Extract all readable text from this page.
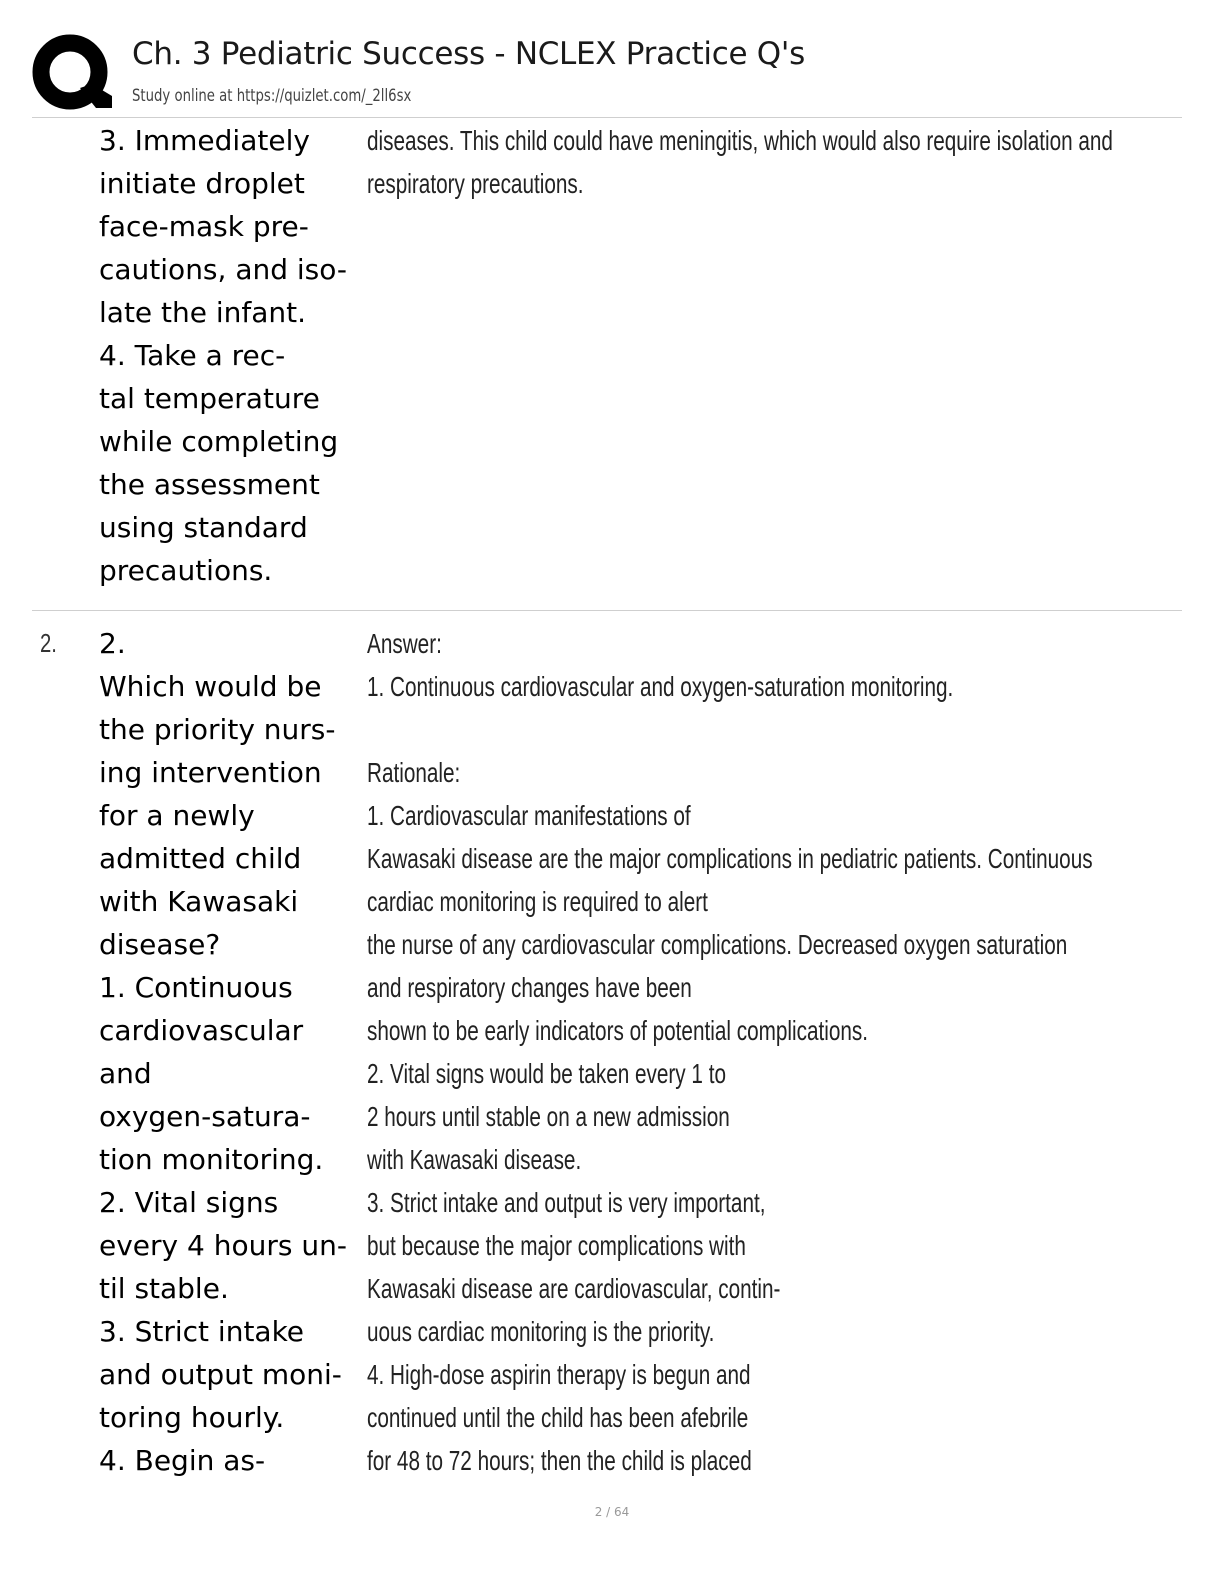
Ch. 3 Pediatric Success - NCLEX Practice Q's
Study online at https://quizlet.com/_2ll6sx
3. Immediately
initiate droplet
face-mask pre-
cautions, and iso-
late the infant.
4. Take a rec-
tal temperature
while completing
the assessment
using standard
precautions.
diseases. This child could have meningitis, which would also require isolation and
respiratory precautions.
2. 2.
Which would be
the priority nurs-
ing intervention
for a newly
admitted child
with Kawasaki
disease?
1. Continuous
cardiovascular
and
oxygen-satura-
tion monitoring.
2. Vital signs
every 4 hours un-
til stable.
3. Strict intake
and output moni-
toring hourly.
4. Begin as-
Answer:
1. Continuous cardiovascular and oxygen-saturation monitoring.
Rationale:
1. Cardiovascular manifestations of
Kawasaki disease are the major complications in pediatric patients. Continuous
cardiac monitoring is required to alert
the nurse of any cardiovascular complications. Decreased oxygen saturation
and respiratory changes have been
shown to be early indicators of potential complications.
2. Vital signs would be taken every 1 to
2 hours until stable on a new admission
with Kawasaki disease.
3. Strict intake and output is very important,
but because the major complications with
Kawasaki disease are cardiovascular, contin-
uous cardiac monitoring is the priority.
4. High-dose aspirin therapy is begun and
continued until the child has been afebrile
for 48 to 72 hours; then the child is placed
2 / 64
